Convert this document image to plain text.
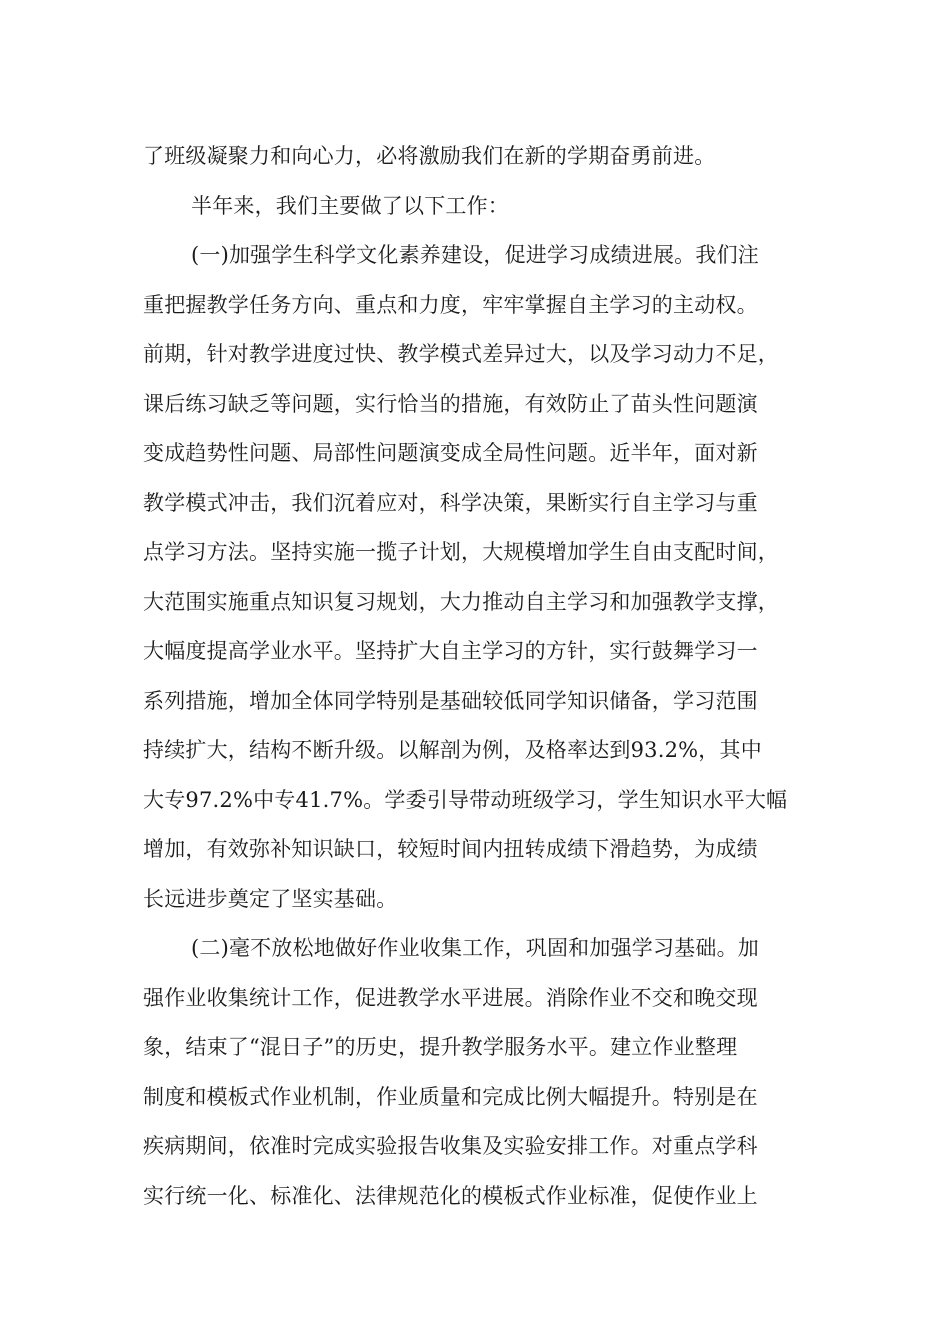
了班级凝聚力和向心力，必将激励我们在新的学期奋勇前进。
半年来，我们主要做了以下工作：
(一)加强学生科学文化素养建设，促进学习成绩进展。我们注
重把握教学任务方向、重点和力度，牢牢掌握自主学习的主动权。
前期，针对教学进度过快、教学模式差异过大，以及学习动力不足，
课后练习缺乏等问题，实行恰当的措施，有效防止了苗头性问题演
变成趋势性问题、局部性问题演变成全局性问题。近半年，面对新
教学模式冲击，我们沉着应对，科学决策，果断实行自主学习与重
点学习方法。坚持实施一揽子计划，大规模增加学生自由支配时间，
大范围实施重点知识复习规划，大力推动自主学习和加强教学支撑，
大幅度提高学业水平。坚持扩大自主学习的方针，实行鼓舞学习一
系列措施，增加全体同学特别是基础较低同学知识储备，学习范围
持续扩大，结构不断升级。以解剖为例，及格率达到93.2%，其中
大专97.2%中专41.7%。学委引导带动班级学习，学生知识水平大幅
增加，有效弥补知识缺口，较短时间内扭转成绩下滑趋势，为成绩
长远进步奠定了坚实基础。
(二)毫不放松地做好作业收集工作，巩固和加强学习基础。加
强作业收集统计工作，促进教学水平进展。消除作业不交和晚交现
象，结束了“混日子”的历史，提升教学服务水平。建立作业整理
制度和模板式作业机制，作业质量和完成比例大幅提升。特别是在
疾病期间，依准时完成实验报告收集及实验安排工作。对重点学科
实行统一化、标准化、法律规范化的模板式作业标准，促使作业上
